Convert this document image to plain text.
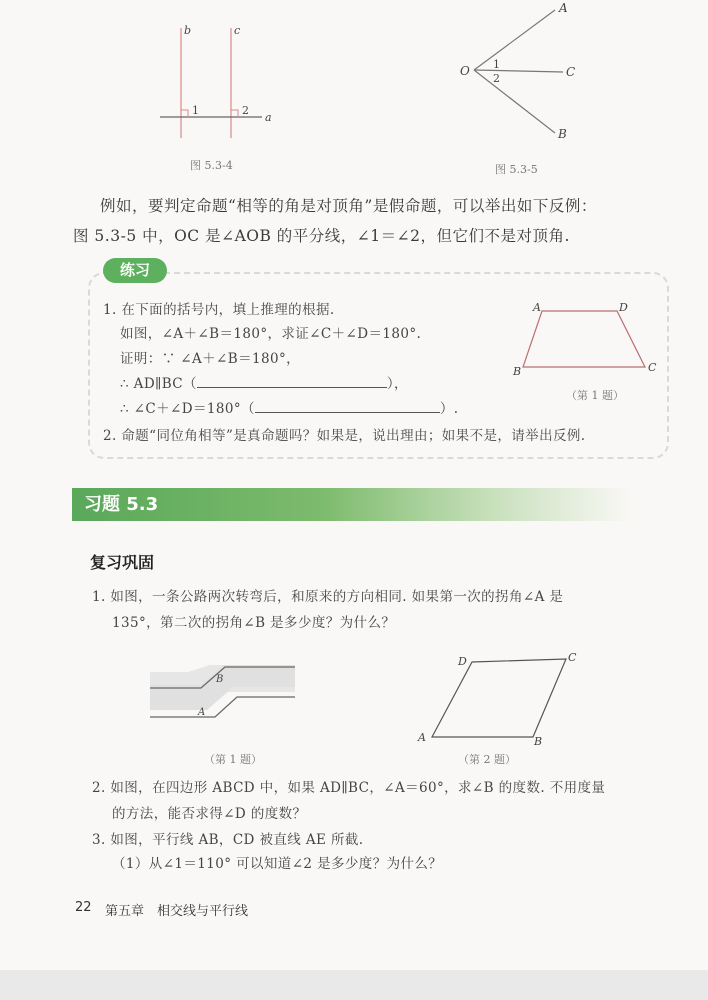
b	c
a
1	2
图 5.3-4
O
A
C
B
1
2
图 5.3-5
例如，要判定命题“相等的角是对顶角”是假命题，可以举出如下反例：
图 5.3-5 中，OC 是∠AOB 的平分线，∠1＝∠2，但它们不是对顶角.
练习
1. 在下面的括号内，填上推理的根据.
如图，∠A＋∠B＝180°，求证∠C＋∠D＝180°.
证明：∵ ∠A＋∠B＝180°，
∴ AD∥BC（	），
∴ ∠C＋∠D＝180°（	）.
2. 命题“同位角相等”是真命题吗？如果是，说出理由；如果不是，请举出反例.
A	D
B	C
（第 1 题）
习题 5.3
复习巩固
1. 如图，一条公路两次转弯后，和原来的方向相同. 如果第一次的拐角∠A 是
135°，第二次的拐角∠B 是多少度？为什么？
B
A
（第 1 题）
D	C
A	B
（第 2 题）
2. 如图，在四边形 ABCD 中，如果 AD∥BC，∠A＝60°，求∠B 的度数. 不用度量
的方法，能否求得∠D 的度数？
3. 如图，平行线 AB，CD 被直线 AE 所截.
（1）从∠1＝110° 可以知道∠2 是多少度？为什么？
22 第五章　相交线与平行线
